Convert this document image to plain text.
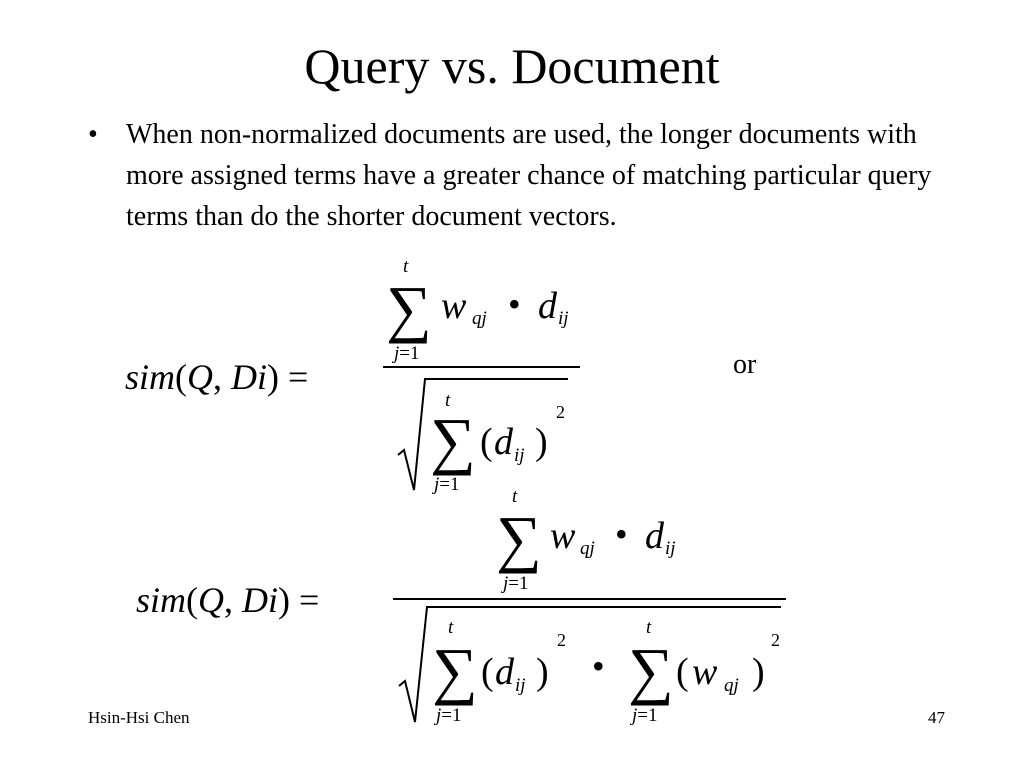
Query vs. Document
• When non-normalized documents are used, the longer documents with more assigned terms have a greater chance of matching particular query terms than do the shorter document vectors.

sim(Q, Di) =
t
∑
j=1
w qj • d ij
t
∑
j=1
( d ij )
2
or
sim(Q, Di) =
t
∑
j=1
w qj • d ij
t
∑
j=1
( d ij )
2
•
t
∑
j=1
( w qj )
2
Hsin-Hsi Chen	47
